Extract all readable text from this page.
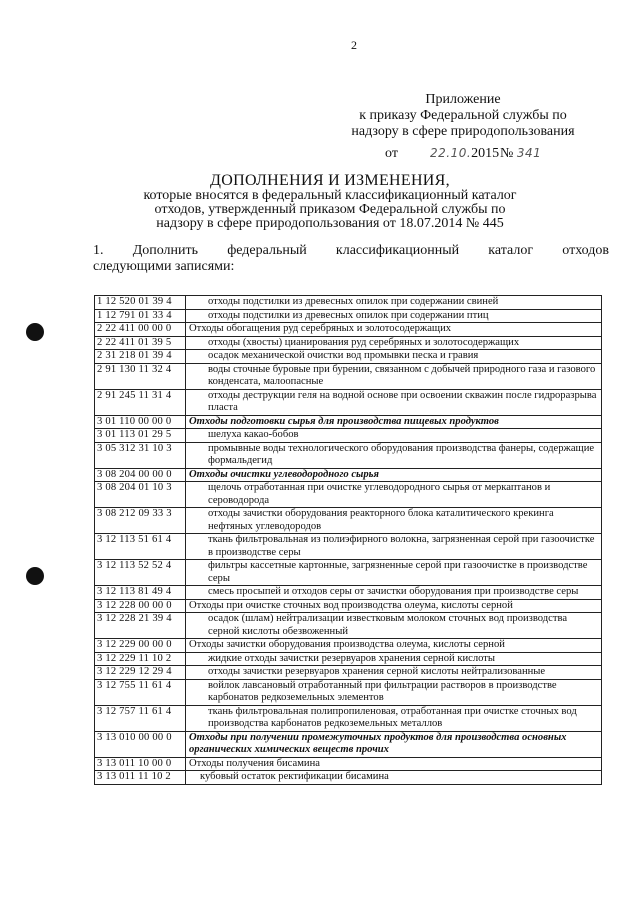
2
Приложение
к приказу Федеральной службы по
надзору в сфере природопользования
от	22.10.2015 № 341
ДОПОЛНЕНИЯ И ИЗМЕНЕНИЯ,
которые вносятся в федеральный классификационный каталог
отходов, утвержденный приказом Федеральной службы по
надзору в сфере природопользования от 18.07.2014 № 445
1. Дополнить федеральный классификационный каталог отходов
следующими записями:
1 12 520 01 39 4	отходы подстилки из древесных опилок при содержании свиней
1 12 791 01 33 4	отходы подстилки из древесных опилок при содержании птиц
2 22 411 00 00 0	Отходы обогащения руд серебряных и золотосодержащих
2 22 411 01 39 5	отходы (хвосты) цианирования руд серебряных и золотосодержащих
2 31 218 01 39 4	осадок механической очистки вод промывки песка и гравия
2 91 130 11 32 4	воды сточные буровые при бурении, связанном с добычей природного газа и газового конденсата, малоопасные
2 91 245 11 31 4	отходы деструкции геля на водной основе при освоении скважин после гидроразрыва пласта
3 01 110 00 00 0	Отходы подготовки сырья для производства пищевых продуктов
3 01 113 01 29 5	шелуха какао-бобов
3 05 312 31 10 3	промывные воды технологического оборудования производства фанеры, содержащие формальдегид
3 08 204 00 00 0	Отходы очистки углеводородного сырья
3 08 204 01 10 3	щелочь отработанная при очистке углеводородного сырья от меркаптанов и сероводорода
3 08 212 09 33 3	отходы зачистки оборудования реакторного блока каталитического крекинга нефтяных углеводородов
3 12 113 51 61 4	ткань фильтровальная из полиэфирного волокна, загрязненная серой при газоочистке в производстве серы
3 12 113 52 52 4	фильтры кассетные картонные, загрязненные серой при газоочистке в производстве серы
3 12 113 81 49 4	смесь просыпей и отходов серы от зачистки оборудования при производстве серы
3 12 228 00 00 0	Отходы при очистке сточных вод производства олеума, кислоты серной
3 12 228 21 39 4	осадок (шлам) нейтрализации известковым молоком сточных вод производства серной кислоты обезвоженный
3 12 229 00 00 0	Отходы зачистки оборудования производства олеума, кислоты серной
3 12 229 11 10 2	жидкие отходы зачистки резервуаров хранения серной кислоты
3 12 229 12 29 4	отходы зачистки резервуаров хранения серной кислоты нейтрализованные
3 12 755 11 61 4	войлок лавсановый отработанный при фильтрации растворов в производстве карбонатов редкоземельных элементов
3 12 757 11 61 4	ткань фильтровальная полипропиленовая, отработанная при очистке сточных вод производства карбонатов редкоземельных металлов
3 13 010 00 00 0	Отходы при получении промежуточных продуктов для производства основных органических химических веществ прочих
3 13 011 10 00 0	Отходы получения бисамина
3 13 011 11 10 2	кубовый остаток ректификации бисамина
